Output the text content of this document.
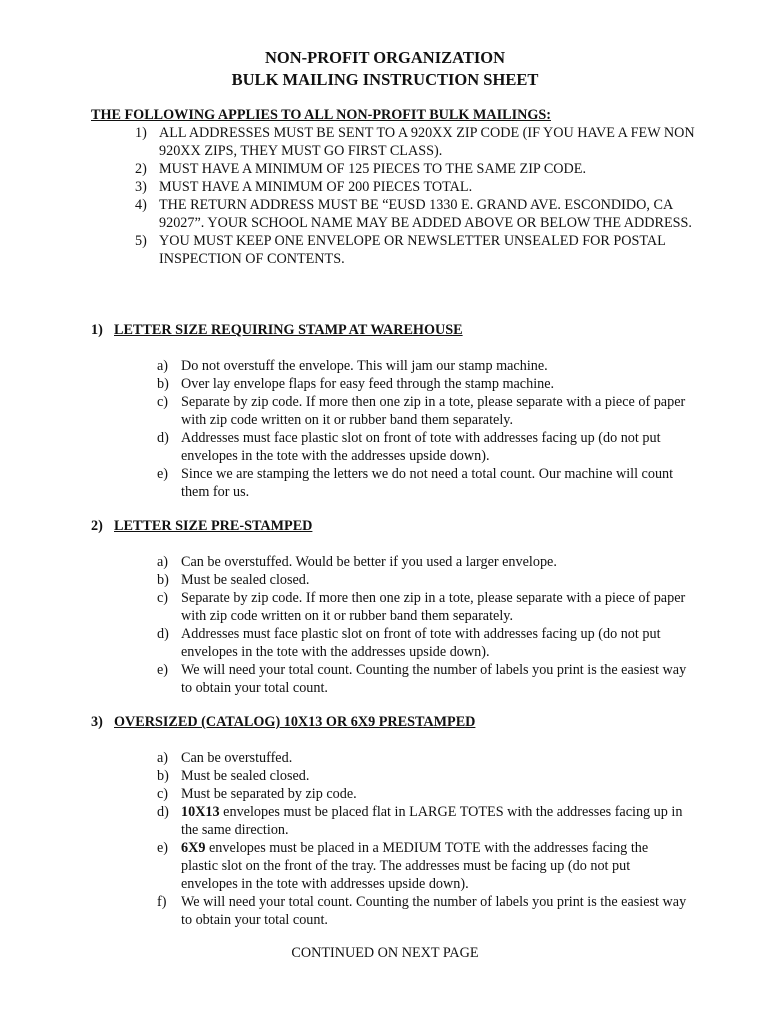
NON-PROFIT ORGANIZATION
BULK MAILING INSTRUCTION SHEET
THE FOLLOWING APPLIES TO ALL NON-PROFIT BULK MAILINGS:
1) ALL ADDRESSES MUST BE SENT TO A 920XX ZIP CODE (IF YOU HAVE A FEW NON 920XX ZIPS, THEY MUST GO FIRST CLASS).
2) MUST HAVE A MINIMUM OF 125 PIECES TO THE SAME ZIP CODE.
3) MUST HAVE A MINIMUM OF 200 PIECES TOTAL.
4) THE RETURN ADDRESS MUST BE “EUSD 1330 E. GRAND AVE. ESCONDIDO, CA 92027”. YOUR SCHOOL NAME MAY BE ADDED ABOVE OR BELOW THE ADDRESS.
5) YOU MUST KEEP ONE ENVELOPE OR NEWSLETTER UNSEALED FOR POSTAL INSPECTION OF CONTENTS.
1) LETTER SIZE REQUIRING STAMP AT WAREHOUSE
a) Do not overstuff the envelope. This will jam our stamp machine.
b) Over lay envelope flaps for easy feed through the stamp machine.
c) Separate by zip code. If more then one zip in a tote, please separate with a piece of paper with zip code written on it or rubber band them separately.
d) Addresses must face plastic slot on front of tote with addresses facing up (do not put envelopes in the tote with the addresses upside down).
e) Since we are stamping the letters we do not need a total count. Our machine will count them for us.
2) LETTER SIZE PRE-STAMPED
a) Can be overstuffed. Would be better if you used a larger envelope.
b) Must be sealed closed.
c) Separate by zip code. If more then one zip in a tote, please separate with a piece of paper with zip code written on it or rubber band them separately.
d) Addresses must face plastic slot on front of tote with addresses facing up (do not put envelopes in the tote with the addresses upside down).
e) We will need your total count. Counting the number of labels you print is the easiest way to obtain your total count.
3) OVERSIZED (CATALOG) 10X13 OR 6X9 PRESTAMPED
a) Can be overstuffed.
b) Must be sealed closed.
c) Must be separated by zip code.
d) 10X13 envelopes must be placed flat in LARGE TOTES with the addresses facing up in the same direction.
e) 6X9 envelopes must be placed in a MEDIUM TOTE with the addresses facing the plastic slot on the front of the tray. The addresses must be facing up (do not put envelopes in the tote with addresses upside down).
f) We will need your total count. Counting the number of labels you print is the easiest way to obtain your total count.
CONTINUED ON NEXT PAGE
